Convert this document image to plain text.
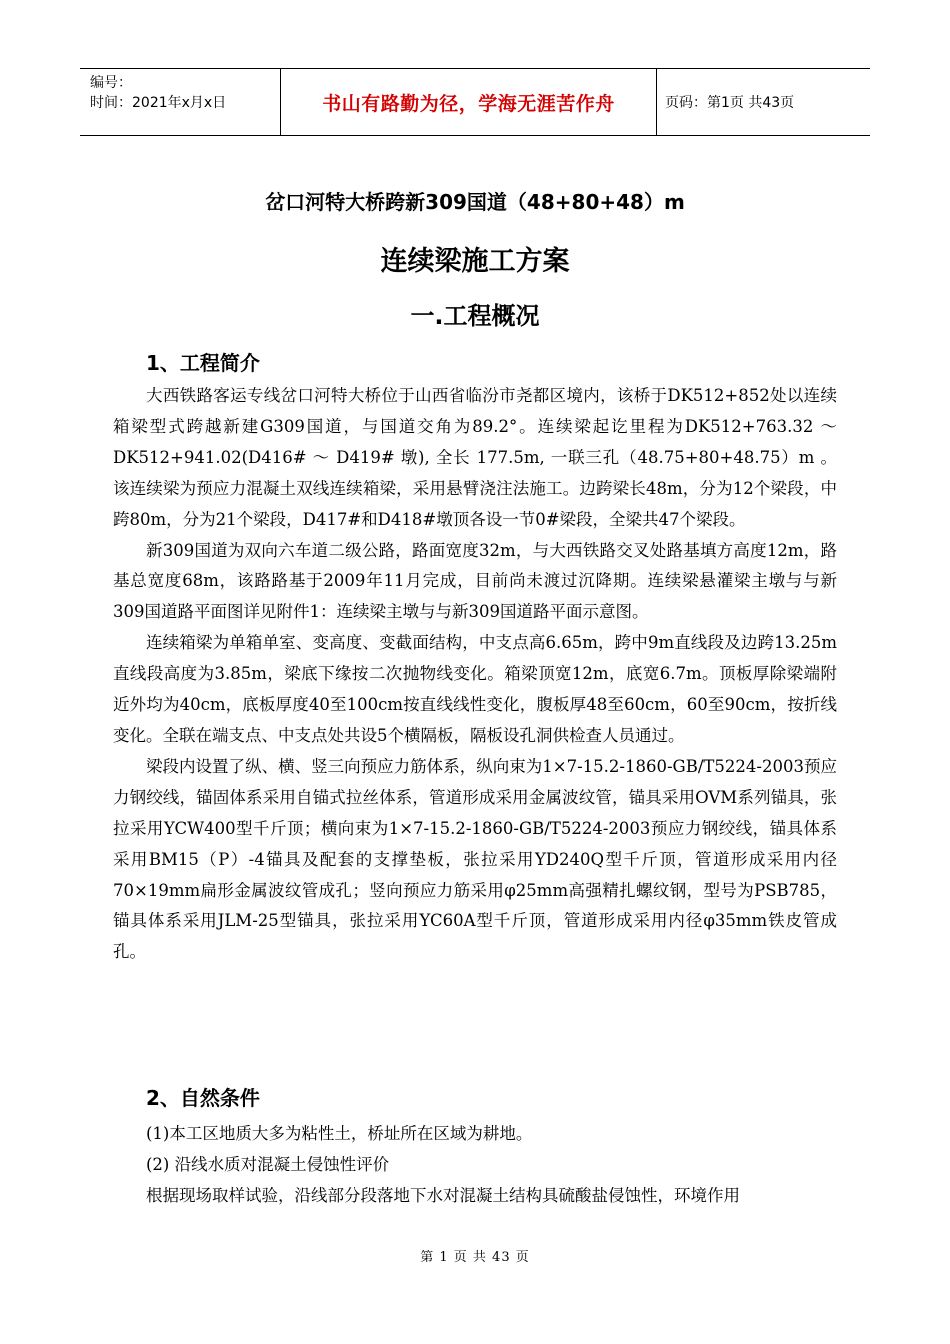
编号：
时间：2021年x月x日	书山有路勤为径，学海无涯苦作舟	页码：第1页 共43页
岔口河特大桥跨新309国道（48+80+48）m
连续梁施工方案
一.工程概况
1、工程简介

大西铁路客运专线岔口河特大桥位于山西省临汾市尧都区境内，该桥于DK512+852处以连续箱梁型式跨越新建G309国道，与国道交角为89.2°。连续梁起讫里程为DK512+763.32 ～ DK512+941.02(D416# ～ D419# 墩), 全长 177.5m, 一联三孔（48.75+80+48.75）m 。该连续梁为预应力混凝土双线连续箱梁，采用悬臂浇注法施工。边跨梁长48m，分为12个梁段，中跨80m，分为21个梁段，D417#和D418#墩顶各设一节0#梁段，全梁共47个梁段。

新309国道为双向六车道二级公路，路面宽度32m，与大西铁路交叉处路基填方高度12m，路基总宽度68m，该路路基于2009年11月完成，目前尚未渡过沉降期。连续梁悬灌梁主墩与与新309国道路平面图详见附件1：连续梁主墩与与新309国道路平面示意图。

连续箱梁为单箱单室、变高度、变截面结构，中支点高6.65m，跨中9m直线段及边跨13.25m直线段高度为3.85m，梁底下缘按二次抛物线变化。箱梁顶宽12m，底宽6.7m。顶板厚除梁端附近外均为40cm，底板厚度40至100cm按直线线性变化，腹板厚48至60cm，60至90cm，按折线变化。全联在端支点、中支点处共设5个横隔板，隔板设孔洞供检查人员通过。

梁段内设置了纵、横、竖三向预应力筋体系，纵向束为1×7-15.2-1860-GB/T5224-2003预应力钢绞线，锚固体系采用自锚式拉丝体系，管道形成采用金属波纹管，锚具采用OVM系列锚具，张拉采用YCW400型千斤顶；横向束为1×7-15.2-1860-GB/T5224-2003预应力钢绞线，锚具体系采用BM15（P）-4锚具及配套的支撑垫板，张拉采用YD240Q型千斤顶，管道形成采用内径70×19mm扁形金属波纹管成孔；竖向预应力筋采用φ25mm高强精扎螺纹钢，型号为PSB785，锚具体系采用JLM-25型锚具，张拉采用YC60A型千斤顶，管道形成采用内径φ35mm铁皮管成孔。

2、自然条件
(1)本工区地质大多为粘性土，桥址所在区域为耕地。
(2) 沿线水质对混凝土侵蚀性评价
根据现场取样试验，沿线部分段落地下水对混凝土结构具硫酸盐侵蚀性，环境作用
第 1 页 共 43 页
